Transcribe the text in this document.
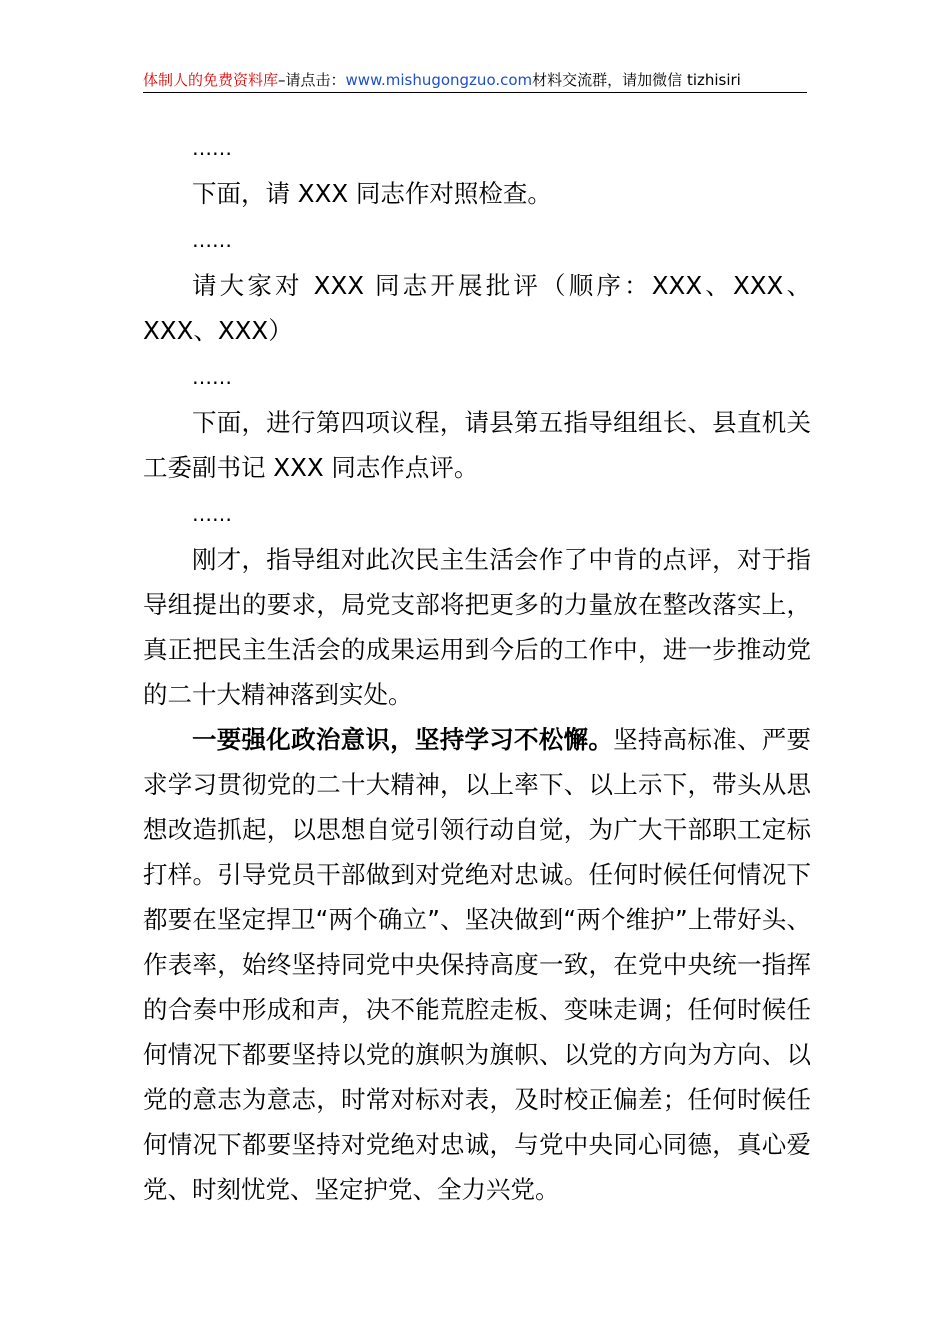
体制人的免费资料库–请点击：www.mishugongzuo.com材料交流群，请加微信 tizhisiri

……

下面，请 XXX 同志作对照检查。

……

请大家对 XXX 同志开展批评（顺序：XXX、XXX、XXX、XXX）

……

下面，进行第四项议程，请县第五指导组组长、县直机关工委副书记 XXX 同志作点评。

……

刚才，指导组对此次民主生活会作了中肯的点评，对于指导组提出的要求，局党支部将把更多的力量放在整改落实上，真正把民主生活会的成果运用到今后的工作中，进一步推动党的二十大精神落到实处。

一要强化政治意识，坚持学习不松懈。坚持高标准、严要求学习贯彻党的二十大精神，以上率下、以上示下，带头从思想改造抓起，以思想自觉引领行动自觉，为广大干部职工定标打样。引导党员干部做到对党绝对忠诚。任何时候任何情况下都要在坚定捍卫“两个确立”、坚决做到“两个维护”上带好头、作表率，始终坚持同党中央保持高度一致，在党中央统一指挥的合奏中形成和声，决不能荒腔走板、变味走调；任何时候任何情况下都要坚持以党的旗帜为旗帜、以党的方向为方向、以党的意志为意志，时常对标对表，及时校正偏差；任何时候任何情况下都要坚持对党绝对忠诚，与党中央同心同德，真心爱党、时刻忧党、坚定护党、全力兴党。
